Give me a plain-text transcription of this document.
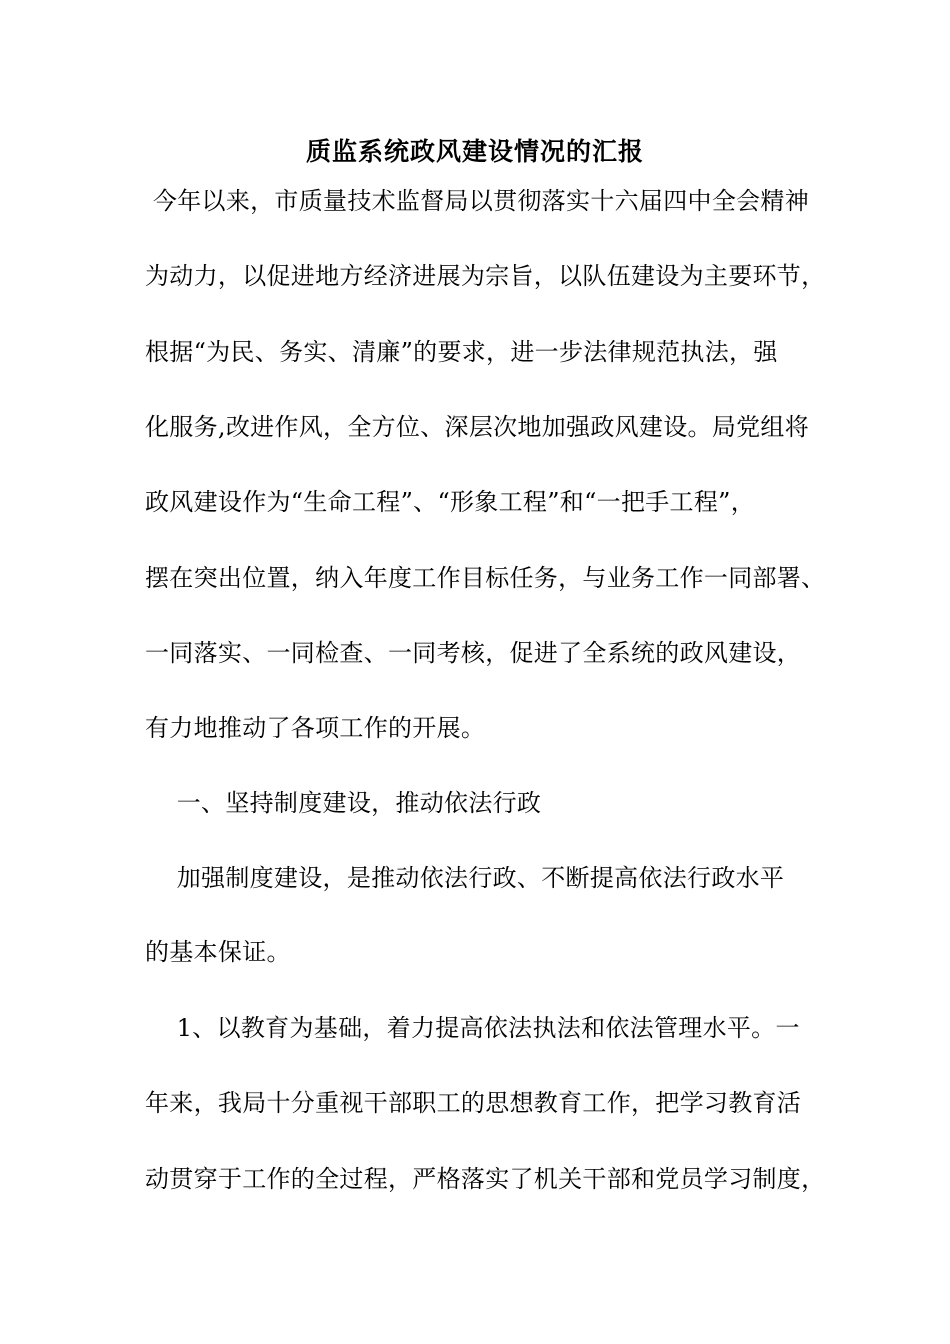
质监系统政风建设情况的汇报
今年以来，市质量技术监督局以贯彻落实十六届四中全会精神
为动力，以促进地方经济进展为宗旨，以队伍建设为主要环节，
根据“为民、务实、清廉”的要求，进一步法律规范执法，强
化服务,改进作风，全方位、深层次地加强政风建设。局党组将
政风建设作为“生命工程”、“形象工程”和“一把手工程”，
摆在突出位置，纳入年度工作目标任务，与业务工作一同部署、
一同落实、一同检查、一同考核，促进了全系统的政风建设，
有力地推动了各项工作的开展。
一、坚持制度建设，推动依法行政
加强制度建设，是推动依法行政、不断提高依法行政水平
的基本保证。
1、以教育为基础，着力提高依法执法和依法管理水平。一
年来，我局十分重视干部职工的思想教育工作，把学习教育活
动贯穿于工作的全过程，严格落实了机关干部和党员学习制度，
